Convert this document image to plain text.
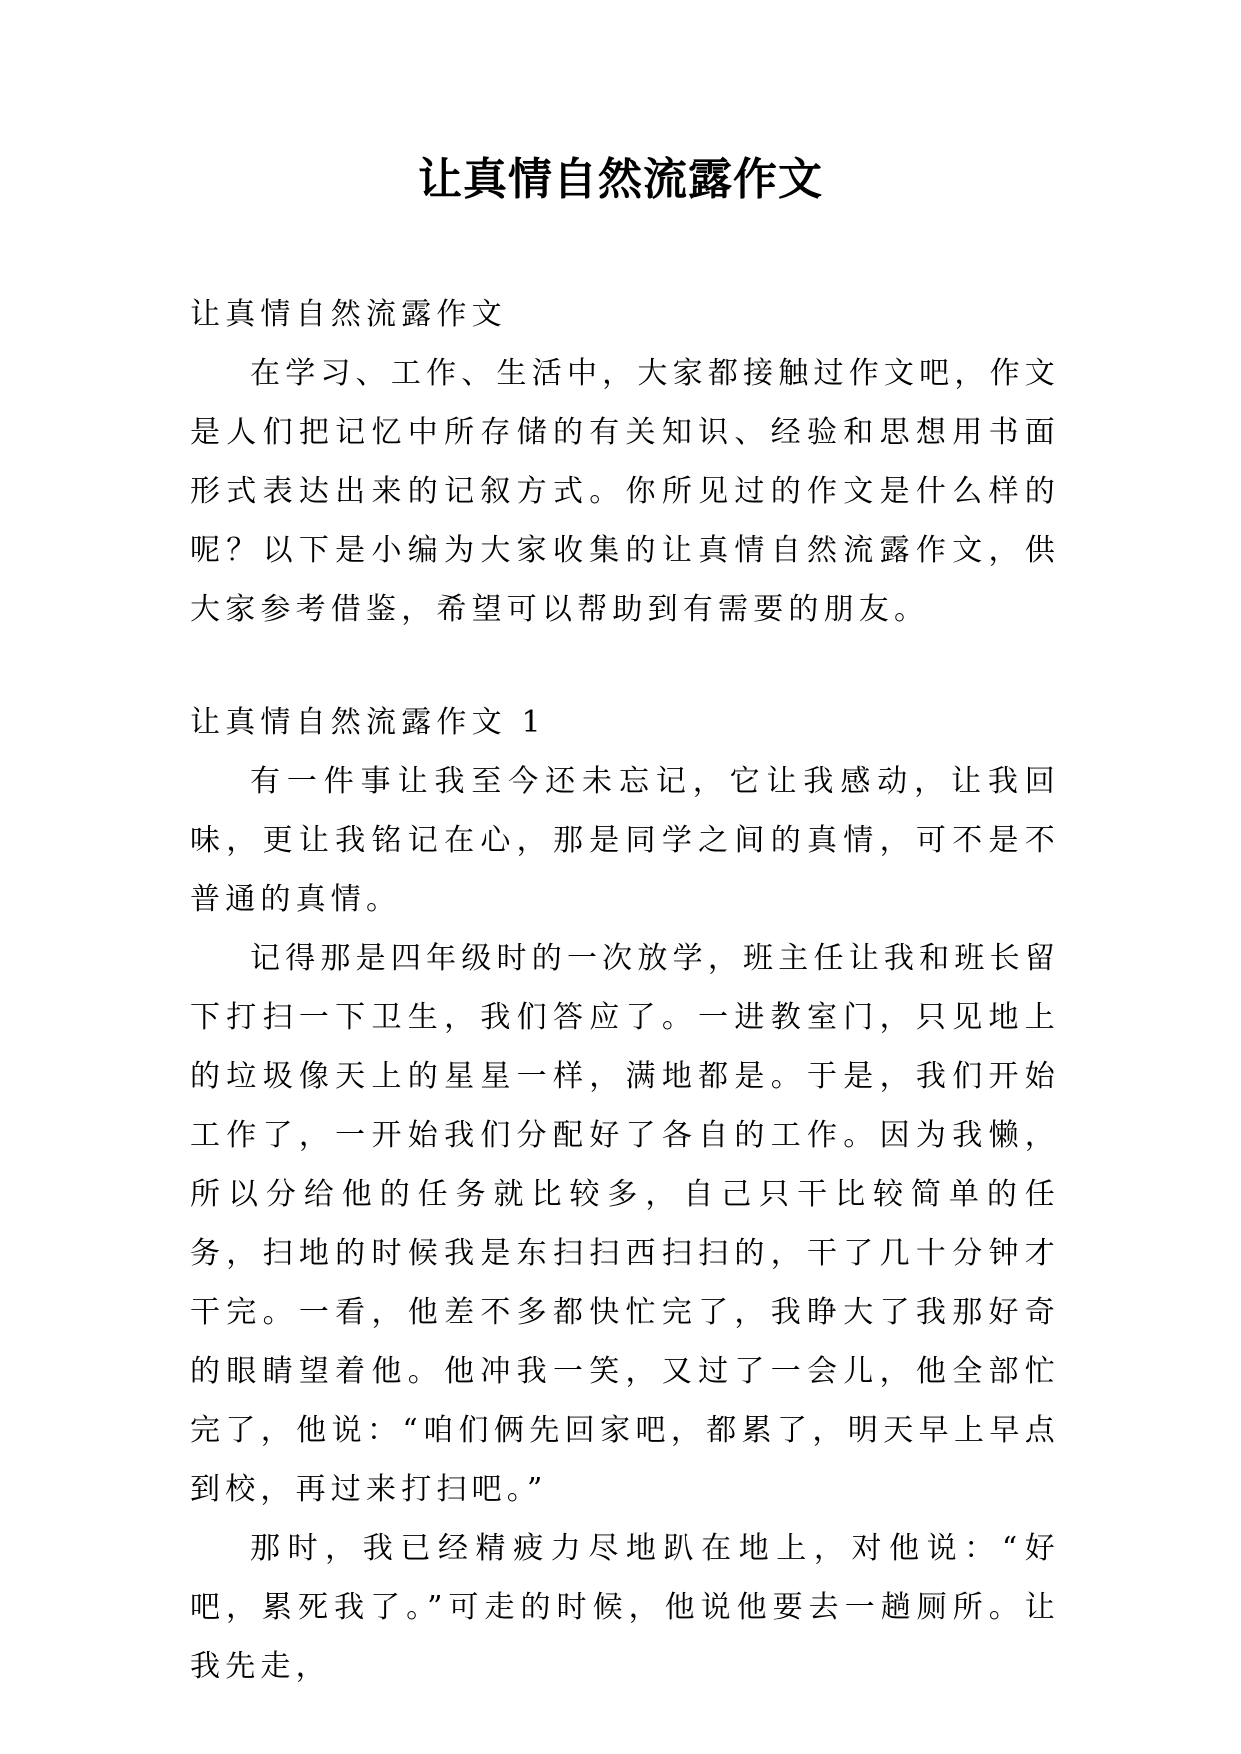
让真情自然流露作文

让真情自然流露作文

在学习、工作、生活中，大家都接触过作文吧，作文是人们把记忆中所存储的有关知识、经验和思想用书面形式表达出来的记叙方式。你所见过的作文是什么样的呢？以下是小编为大家收集的让真情自然流露作文，供大家参考借鉴，希望可以帮助到有需要的朋友。

让真情自然流露作文 1

有一件事让我至今还未忘记，它让我感动，让我回味，更让我铭记在心，那是同学之间的真情，可不是不普通的真情。

记得那是四年级时的一次放学，班主任让我和班长留下打扫一下卫生，我们答应了。一进教室门，只见地上的垃圾像天上的星星一样，满地都是。于是，我们开始工作了，一开始我们分配好了各自的工作。因为我懒，所以分给他的任务就比较多，自己只干比较简单的任务，扫地的时候我是东扫扫西扫扫的，干了几十分钟才干完。一看，他差不多都快忙完了，我睁大了我那好奇的眼睛望着他。他冲我一笑，又过了一会儿，他全部忙完了，他说：“咱们俩先回家吧，都累了，明天早上早点到校，再过来打扫吧。”

那时，我已经精疲力尽地趴在地上，对他说：“好吧，累死我了。”可走的时候，他说他要去一趟厕所。让我先走，
